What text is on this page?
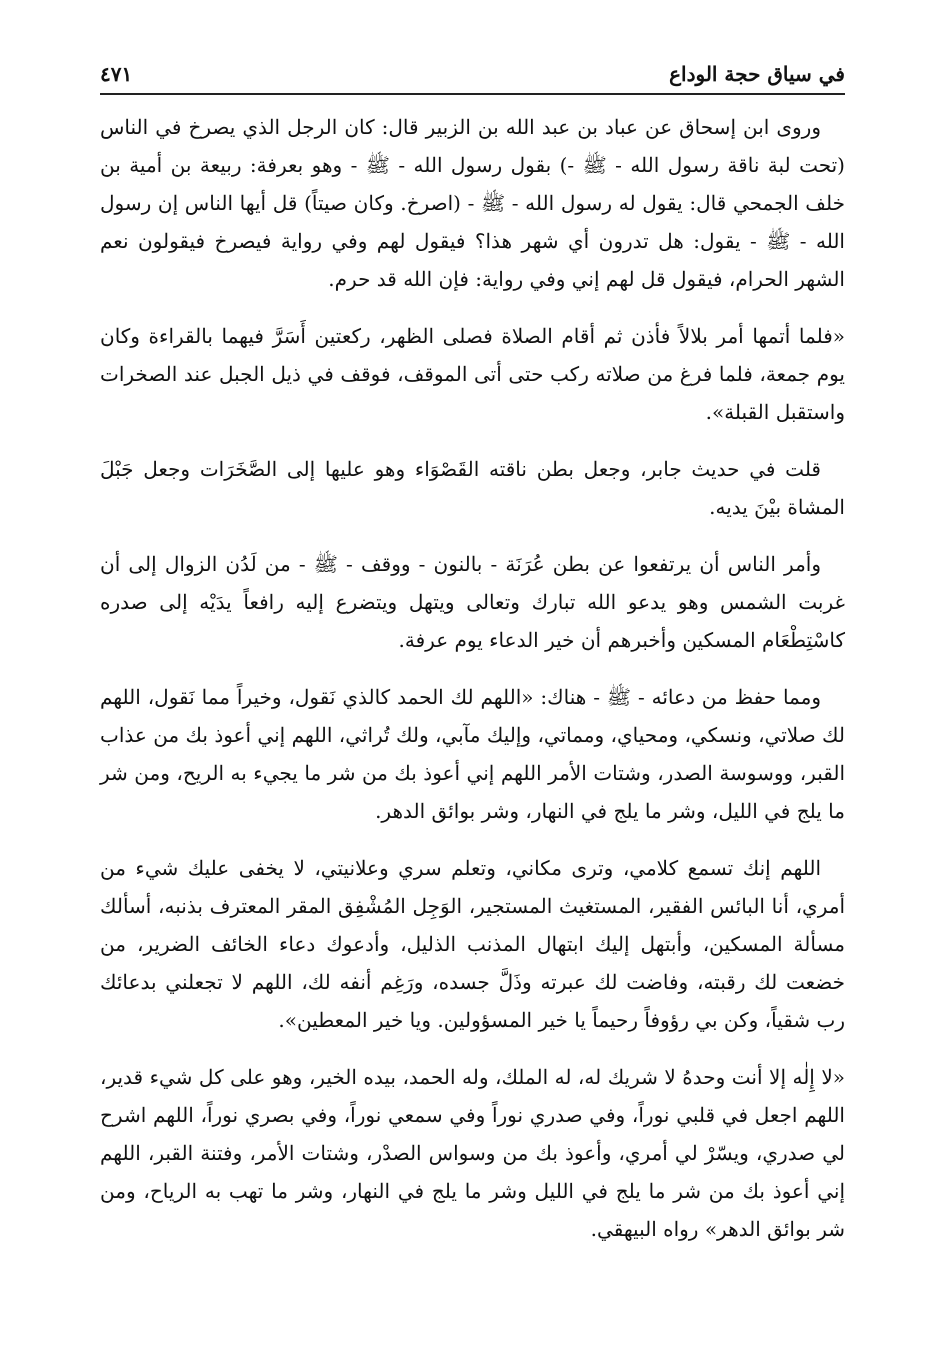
في سياق حجة الوداع
٤٧١

وروى ابن إسحاق عن عباد بن عبد الله بن الزبير قال: كان الرجل الذي يصرخ في الناس (تحت لبة ناقة رسول الله - ﷺ -) بقول رسول الله - ﷺ - وهو بعرفة: ربيعة بن أمية بن خلف الجمحي قال: يقول له رسول الله - ﷺ - (اصرخ. وكان صيتاً) قل أيها الناس إن رسول الله - ﷺ - يقول: هل تدرون أي شهر هذا؟ فيقول لهم وفي رواية فيصرخ فيقولون نعم الشهر الحرام، فيقول قل لهم إني وفي رواية: فإن الله قد حرم.

«فلما أتمها أمر بلالاً فأذن ثم أقام الصلاة فصلى الظهر، ركعتين أَسَرَّ فيهما بالقراءة وكان يوم جمعة، فلما فرغ من صلاته ركب حتى أتى الموقف، فوقف في ذيل الجبل عند الصخرات واستقبل القبلة».

قلت في حديث جابر، وجعل بطن ناقته القَصْوَاء وهو عليها إلى الصَّخَرَات وجعل جَبْلَ المشاة بيْنَ يديه.

وأمر الناس أن يرتفعوا عن بطن عُرَنَة - بالنون - ووقف - ﷺ - من لَدُن الزوال إلى أن غربت الشمس وهو يدعو الله تبارك وتعالى ويتهل ويتضرع إليه رافعاً يدَيْه إلى صدره كاسْتِطْعَام المسكين وأخبرهم أن خير الدعاء يوم عرفة.

ومما حفظ من دعائه - ﷺ - هناك: «اللهم لك الحمد كالذي نَقول، وخيراً مما نَقول، اللهم لك صلاتي، ونسكي، ومحياي، ومماتي، وإليك مآبي، ولك تُراثي، اللهم إني أعوذ بك من عذاب القبر، ووسوسة الصدر، وشتات الأمر اللهم إني أعوذ بك من شر ما يجيء به الريح، ومن شر ما يلج في الليل، وشر ما يلج في النهار، وشر بوائق الدهر.

اللهم إنك تسمع كلامي، وترى مكاني، وتعلم سري وعلانيتي، لا يخفى عليك شيء من أمري، أنا البائس الفقير، المستغيث المستجير، الوَجِل المُشْفِق المقر المعترف بذنبه، أسألك مسألة المسكين، وأبتهل إليك ابتهال المذنب الذليل، وأدعوك دعاء الخائف الضرير، من خضعت لك رقبته، وفاضت لك عبرته وذَلَّ جسده، ورَغِم أنفه لك، اللهم لا تجعلني بدعائك رب شقياً، وكن بي رؤوفاً رحيماً يا خير المسؤولين. ويا خير المعطين».

«لا إِلٰه إلا أنت وحدهُ لا شريك له، له الملك، وله الحمد، بيده الخير، وهو على كل شيء قدير، اللهم اجعل في قلبي نوراً، وفي صدري نوراً وفي سمعي نوراً، وفي بصري نوراً، اللهم اشرح لي صدري، ويسّرْ لي أمري، وأعوذ بك من وسواس الصدْر، وشتات الأمر، وفتنة القبر، اللهم إني أعوذ بك من شر ما يلج في الليل وشر ما يلج في النهار، وشر ما تهب به الرياح، ومن شر بوائق الدهر» رواه البيهقي.
